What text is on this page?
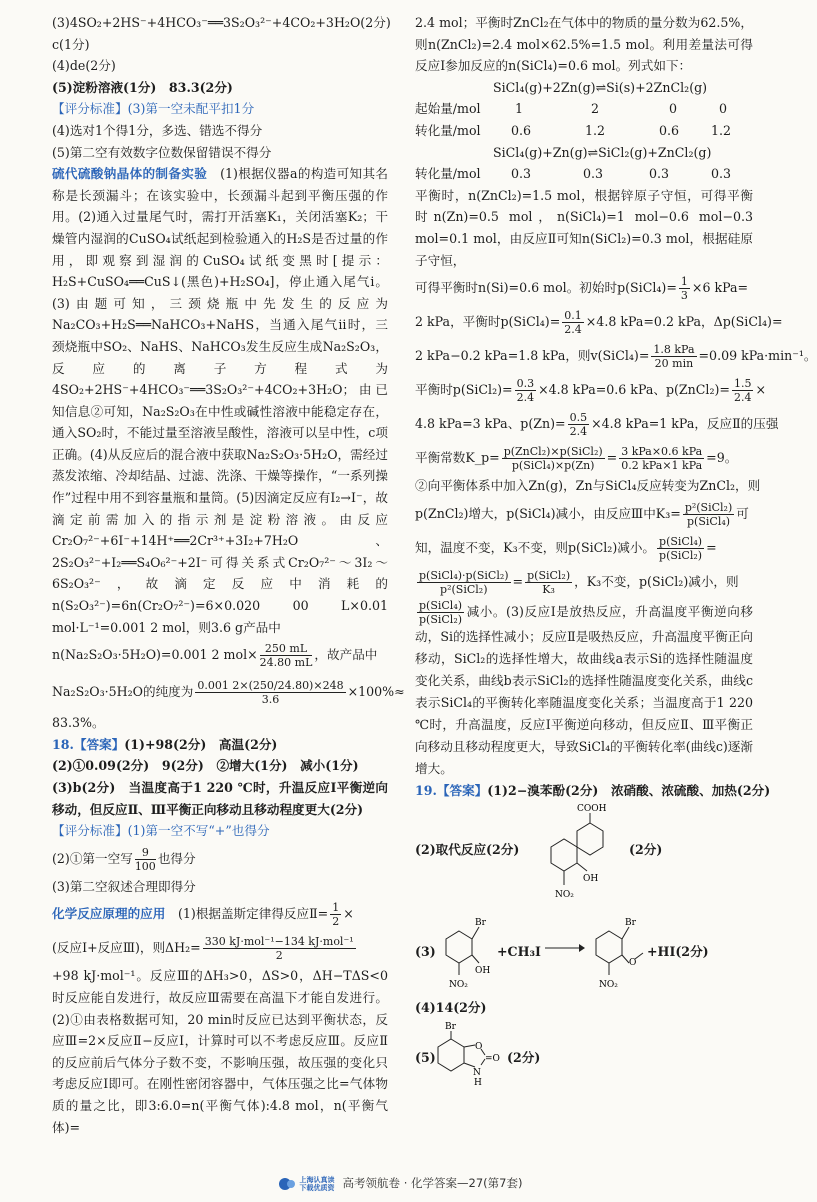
(3)4SO₂+2HS⁻+4HCO₃⁻══3S₂O₃²⁻+4CO₂+3H₂O(2分)

c(1分)

(4)de(2分)

(5)淀粉溶液(1分)　83.3(2分)

【评分标准】(3)第一空未配平扣1分

(4)选对1个得1分，多选、错选不得分

(5)第二空有效数字位数保留错误不得分

硫代硫酸钠晶体的制备实验　(1)根据仪器a的构造可知其名称是长颈漏斗；在该实验中，长颈漏斗起到平衡压强的作用。(2)通入过量尾气时，需打开活塞K₁，关闭活塞K₂；干燥管内湿润的CuSO₄试纸起到检验通入的H₂S是否过量的作用，即观察到湿润的CuSO₄试纸变黑时[提示：H₂S+CuSO₄══CuS↓(黑色)+H₂SO₄]，停止通入尾气ⅰ。(3)由题可知，三颈烧瓶中先发生的反应为Na₂CO₃+H₂S══NaHCO₃+NaHS，当通入尾气ⅱ时，三颈烧瓶中SO₂、NaHS、NaHCO₃发生反应生成Na₂S₂O₃，反应的离子方程式为4SO₂+2HS⁻+4HCO₃⁻══3S₂O₃²⁻+4CO₂+3H₂O；由已知信息②可知，Na₂S₂O₃在中性或碱性溶液中能稳定存在，通入SO₂时，不能过量至溶液呈酸性，溶液可以呈中性，c项正确。(4)从反应后的混合液中获取Na₂S₂O₃·5H₂O，需经过蒸发浓缩、冷却结晶、过滤、洗涤、干燥等操作，“一系列操作”过程中用不到容量瓶和量筒。(5)因滴定反应有I₂→I⁻，故滴定前需加入的指示剂是淀粉溶液。由反应Cr₂O₇²⁻+6I⁻+14H⁺══2Cr³⁺+3I₂+7H₂O、2S₂O₃²⁻+I₂══S₄O₆²⁻+2I⁻可得关系式Cr₂O₇²⁻～3I₂～6S₂O₃²⁻，故滴定反应中消耗的n(S₂O₃²⁻)=6n(Cr₂O₇²⁻)=6×0.020 00 L×0.01 mol·L⁻¹=0.001 2 mol，则3.6 g产品中

n(Na₂S₂O₃·5H₂O)=0.001 2 $mol\times \frac{250 mL}{24.80 mL}$ ，故产品中

Na₂S₂O₃·5H₂O的纯度为 $\frac{0.001 2\times(250/24.80)\times 248}{3.6} \times 100\%\approx$

83.3%。

18.【答案】(1)+98(2分)　高温(2分)

(2)①0.09(2分)　9(2分)　②增大(1分)　减小(1分)

(3)b(2分)　当温度高于1 220 ℃时，升温反应Ⅰ平衡逆向移动，但反应Ⅱ、Ⅲ平衡正向移动且移动程度更大(2分)

【评分标准】(1)第一空不写“+”也得分

(2)①第一空写 $\frac{9}{100}$ 也得分

(3)第二空叙述合理即得分

化学反应原理的应用　(1)根据盖斯定律得反应Ⅱ= $\frac{1}{2}$ ×

(反应Ⅰ+反应Ⅲ)，则$\Delta H_2= \frac{\text{330 kJ·mol⁻¹−134 kJ·mol⁻¹}}{2}$

+98 kJ·mol⁻¹。反应Ⅲ的ΔH₃>0，ΔS>0，ΔH−TΔS<0时反应能自发进行，故反应Ⅲ需要在高温下才能自发进行。(2)①由表格数据可知，20 min时反应已达到平衡状态，反应Ⅲ=2×反应Ⅱ−反应Ⅰ，计算时可以不考虑反应Ⅲ。反应Ⅱ的反应前后气体分子数不变，不影响压强，故压强的变化只考虑反应Ⅰ即可。在刚性密闭容器中，气体压强之比=气体物质的量之比，即3:6.0=n(平衡气体):4.8 mol，n(平衡气体)=

2.4 mol；平衡时ZnCl₂在气体中的物质的量分数为62.5%，则n(ZnCl₂)=2.4 mol×62.5%=1.5 mol。利用差量法可得反应Ⅰ参加反应的n(SiCl₄)=0.6 mol。列式如下：

SiCl₄(g)+2Zn(g)⇌Si(s)+2ZnCl₂(g)

起始量/mol	1	2	0	0
转化量/mol 0.6	1.2	0.6	1.2

SiCl₄(g)+Zn(g)⇌SiCl₂(g)+ZnCl₂(g)

转化量/mol 0.3	0.3	0.3	0.3

平衡时，n(ZnCl₂)=1.5 mol，根据锌原子守恒，可得平衡时n(Zn)=0.5 mol，n(SiCl₄)=1 mol−0.6 mol−0.3 mol=0.1 mol，由反应Ⅱ可知n(SiCl₂)=0.3 mol，根据硅原子守恒，

可得平衡时n(Si)=0.6 mol。初始时p(SiCl₄)= $\frac{1}{3} \times 6$ kPa=

2 kPa，平衡时p(SiCl₄)= $\frac{0.1}{2.4} \times 4.8$ kPa=0.2 kPa，Δp(SiCl₄)=

2 kPa−0.2 kPa=1.8 kPa，则v(SiCl₄)= $\frac{\text{1.8 kPa}}{20 \min} =0.09$ kPa·min⁻¹。

平衡时p(SiCl₂)= $\frac{0.3}{2.4} \times 4.8$ kPa=0.6 kPa、p(ZnCl₂)= $\frac{1.5}{2.4}$ ×

4.8 kPa=3 kPa、$p(Zn)= \frac{0.5}{2.4} \times 4.8$ kPa=1 kPa，反应Ⅱ的压强

平衡常数K_p= $\frac{\text{p(ZnCl₂)×p(SiCl₂)}}{\text{p(SiCl₄)×p(Zn)}} = \frac{\text{3 kPa×0.6 kPa}}{\text{0.2 kPa×1 kPa}} =9$。

②向平衡体系中加入Zn(g)，Zn与SiCl₄反应转变为ZnCl₂，则

p(ZnCl₂)增大，p(SiCl₄)减小，由反应Ⅲ中$K_3= \frac{\text{p²(SiCl₂)}}{\text{p(SiCl₄)}}$ 可

知，温度不变，K₃不变，则p(SiCl₂)减小。 $\frac{\text{p(SiCl₄)}}{\text{p(SiCl₂)}}$ =

$\frac{\text{p(SiCl₄)·p(SiCl₂)}}{\text{p²(SiCl₂)}} = \frac{\text{p(SiCl₂)}}{\text{K₃}}$ ，K₃不变，p(SiCl₂)减小，则

$\frac{\text{p(SiCl₄)}}{\text{p(SiCl₂)}}$ 减小。(3)反应Ⅰ是放热反应，升高温度平衡逆向移动，Si的选择性减小；反应Ⅱ是吸热反应，升高温度平衡正向移动，SiCl₂的选择性增大，故曲线a表示Si的选择性随温度变化关系，曲线b表示SiCl₂的选择性随温度变化关系，曲线c表示SiCl₄的平衡转化率随温度变化关系；当温度高于1 220 ℃时，升高温度，反应Ⅰ平衡逆向移动，但反应Ⅱ、Ⅲ平衡正向移动且移动程度更大，导致SiCl₄的平衡转化率(曲线c)逐渐增大。

19.【答案】(1)2−溴苯酚(2分)　浓硝酸、浓硫酸、加热(2分)

(2)取代反应(2分)
COOH
OH
NO₂
(2分)
(3)
Br
OH
NO₂
+CH₃I
Br
O
NO₂
+HI(2分)

(4)14(2分)

(5)
Br
O
=O
N
H
(2分)
上海认真读
下载优质资 高考领航卷 · 化学答案—27(第7套)
